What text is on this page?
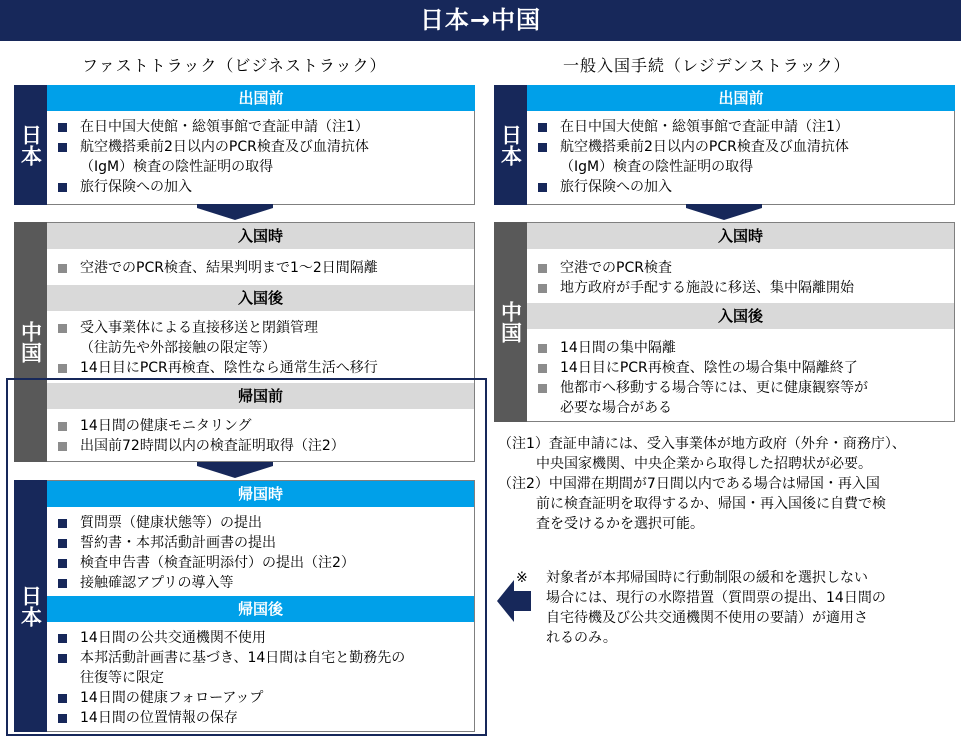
日本→中国
ファストトラック（ビジネストラック）	一般入国手続（レジデンストラック）
日本
出国前
在日中国大使館・総領事館で査証申請（注1）
航空機搭乗前2日以内のPCR検査及び血清抗体
（IgM）検査の陰性証明の取得
旅行保険への加入
中国
入国時
空港でのPCR検査、結果判明まで1～2日間隔離
入国後
受入事業体による直接移送と閉鎖管理
（往訪先や外部接触の限定等）
14日目にPCR再検査、陰性なら通常生活へ移行
帰国前
14日間の健康モニタリング
出国前72時間以内の検査証明取得（注2）
日本
帰国時
質問票（健康状態等）の提出
誓約書・本邦活動計画書の提出
検査申告書（検査証明添付）の提出（注2）
接触確認アプリの導入等
帰国後
14日間の公共交通機関不使用
本邦活動計画書に基づき、14日間は自宅と勤務先の
往復等に限定
14日間の健康フォローアップ
14日間の位置情報の保存
日本
出国前
在日中国大使館・総領事館で査証申請（注1）
航空機搭乗前2日以内のPCR検査及び血清抗体
（IgM）検査の陰性証明の取得
旅行保険への加入
中国
入国時
空港でのPCR検査
地方政府が手配する施設に移送、集中隔離開始
入国後
14日間の集中隔離
14日目にPCR再検査、陰性の場合集中隔離終了
他都市へ移動する場合等には、更に健康観察等が
必要な場合がある
（注1）査証申請には、受入事業体が地方政府（外弁・商務庁）、
中央国家機関、中央企業から取得した招聘状が必要。
（注2）中国滞在期間が7日間以内である場合は帰国・再入国
前に検査証明を取得するか、帰国・再入国後に自費で検
査を受けるかを選択可能。
※ 対象者が本邦帰国時に行動制限の緩和を選択しない
場合には、現行の水際措置（質問票の提出、14日間の
自宅待機及び公共交通機関不使用の要請）が適用さ
れるのみ。
